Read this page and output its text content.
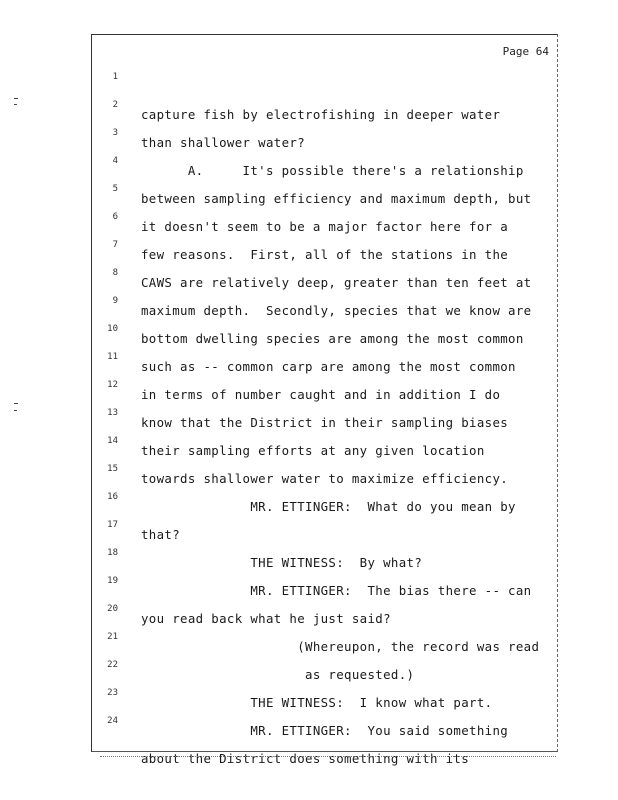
Page 64

1

capture fish by electrofishing in deeper water

2

than shallower water?

3

A.     It's possible there's a relationship

4

between sampling efficiency and maximum depth, but

5

it doesn't seem to be a major factor here for a

6

few reasons.  First, all of the stations in the

7

CAWS are relatively deep, greater than ten feet at

8

maximum depth.  Secondly, species that we know are

9

bottom dwelling species are among the most common

10

such as -- common carp are among the most common

11

in terms of number caught and in addition I do

12

know that the District in their sampling biases

13

their sampling efforts at any given location

14

towards shallower water to maximize efficiency.

15

MR. ETTINGER:  What do you mean by

16

that?

17

THE WITNESS:  By what?

18

MR. ETTINGER:  The bias there -- can

19

you read back what he just said?

20

(Whereupon, the record was read

21

as requested.)

22

THE WITNESS:  I know what part.

23

MR. ETTINGER:  You said something

24

about the District does something with its
